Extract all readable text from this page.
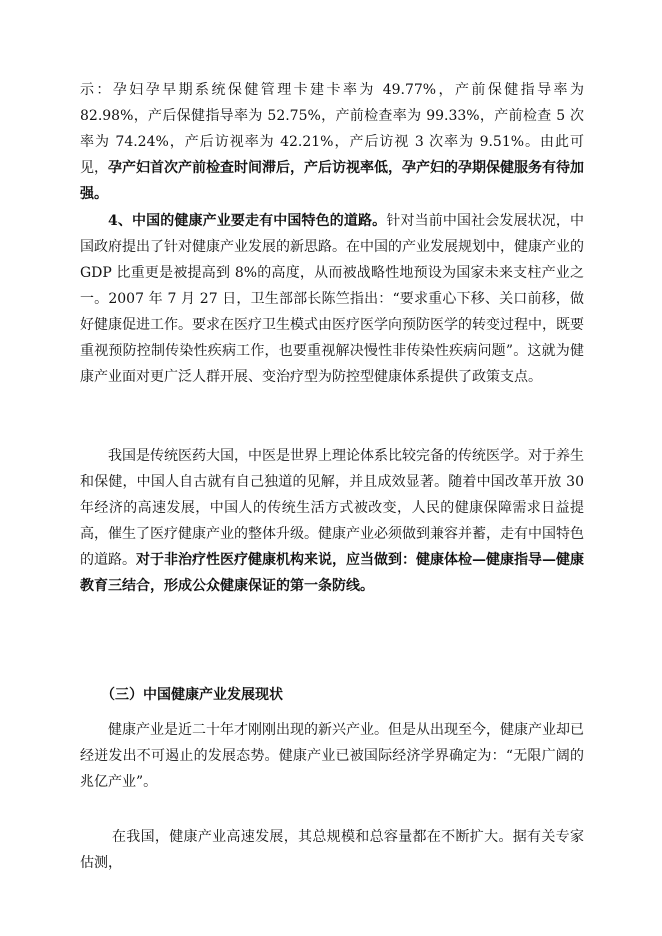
示：孕妇孕早期系统保健管理卡建卡率为 49.77%，产前保健指导率为 82.98%，产后保健指导率为 52.75%，产前检查率为 99.33%，产前检查 5 次率为 74.24%，产后访视率为 42.21%，产后访视 3 次率为 9.51%。由此可见，孕产妇首次产前检查时间滞后，产后访视率低，孕产妇的孕期保健服务有待加强。

4、中国的健康产业要走有中国特色的道路。针对当前中国社会发展状况，中国政府提出了针对健康产业发展的新思路。在中国的产业发展规划中，健康产业的 GDP 比重更是被提高到 8%的高度，从而被战略性地预设为国家未来支柱产业之一。2007 年 7 月 27 日，卫生部部长陈竺指出：“要求重心下移、关口前移，做好健康促进工作。要求在医疗卫生模式由医疗医学向预防医学的转变过程中，既要重视预防控制传染性疾病工作，也要重视解决慢性非传染性疾病问题”。这就为健康产业面对更广泛人群开展、变治疗型为防控型健康体系提供了政策支点。

我国是传统医药大国，中医是世界上理论体系比较完备的传统医学。对于养生和保健，中国人自古就有自己独道的见解，并且成效显著。随着中国改革开放 30 年经济的高速发展，中国人的传统生活方式被改变，人民的健康保障需求日益提高，催生了医疗健康产业的整体升级。健康产业必须做到兼容并蓄，走有中国特色的道路。对于非治疗性医疗健康机构来说，应当做到：健康体检—健康指导—健康教育三结合，形成公众健康保证的第一条防线。

（三）中国健康产业发展现状

健康产业是近二十年才刚刚出现的新兴产业。但是从出现至今，健康产业却已经迸发出不可遏止的发展态势。健康产业已被国际经济学界确定为：“无限广阔的兆亿产业”。

在我国，健康产业高速发展，其总规模和总容量都在不断扩大。据有关专家估测，
